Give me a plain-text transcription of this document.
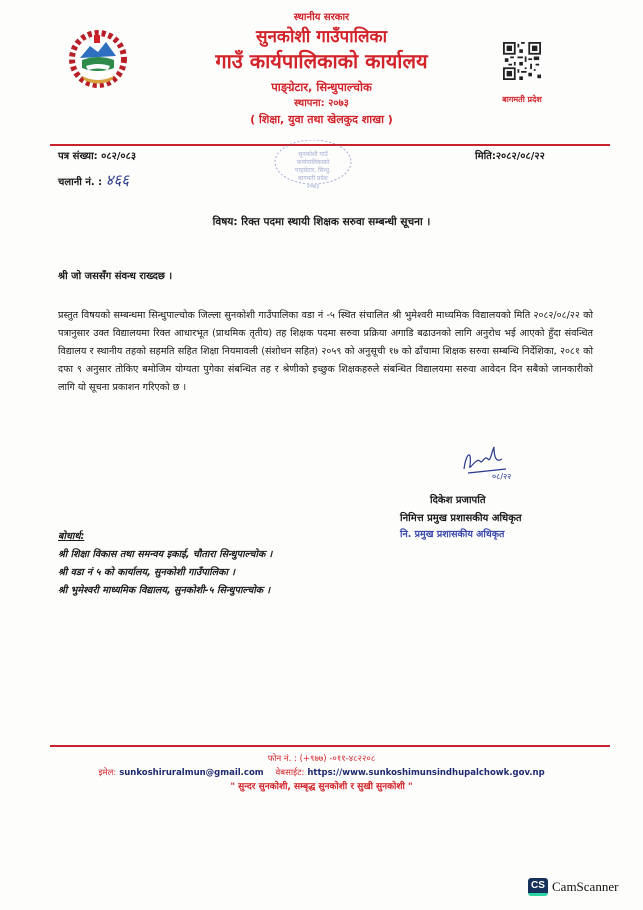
स्थानीय सरकार
सुनकोशी गाउँपालिका
गाउँ कार्यपालिकाको कार्यालय
पाङ्ग्रेटार, सिन्धुपाल्चोक
स्थापना: २०७३
( शिक्षा, युवा तथा खेलकुद शाखा )
बागमती प्रदेश
सुनकोशी गाउँ
कार्यपालिकाको
पाङ्ग्रेटार, सिन्धु.
बागमती प्रदेश
२०७३
पत्र संख्या: ०८२/०८३
चलानी नं. : ४६६
मिति:२०८२/०८/२२
विषय: रिक्त पदमा स्थायी शिक्षक सरुवा सम्बन्धी सूचना ।
श्री जो जससँग संवन्ध राख्दछ ।
प्रस्तुत विषयको सम्बन्धमा सिन्धुपाल्चोक जिल्ला सुनकोशी गाउँपालिका वडा नं -५ स्थित संचालित श्री भुमेश्वरी माध्यमिक विद्यालयको मिति २०८२/०८/२२ को पत्रानुसार उक्त विद्यालयमा रिक्त आधारभूत (प्राथमिक तृतीय) तह शिक्षक पदमा सरुवा प्रक्रिया अगाडि बढाउनको लागि अनुरोध भई आएको हुँदा संवन्धित विद्यालय र स्थानीय तहको सहमति सहित शिक्षा नियमावली (संशोधन सहित) २०५९ को अनुसूची १७ को ढाँचामा शिक्षक सरुवा सम्बन्धि निर्देशिका, २०८१ को दफा ९ अनुसार तोकिए बमोजिम योग्यता पुगेका संबन्धित तह र श्रेणीको इच्छुक शिक्षकहरुले संबन्धित विद्यालयमा सरुवा आवेदन दिन सबैको जानकारीको लागि यो सूचना प्रकाशन गरिएको छ ।
०८/२२
दिकेश प्रजापति
निमित्त प्रमुख प्रशासकीय अधिकृत
नि. प्रमुख प्रशासकीय अधिकृत
बोधार्थ:
श्री शिक्षा विकास तथा समन्वय इकाई, चौतारा सिन्धुपाल्चोक ।
श्री वडा नं ५ को कार्यालय, सुनकोशी गाउँपालिका ।
श्री भुमेश्वरी माध्यमिक विद्यालय, सुनकोशी-५ सिन्धुपाल्चोक ।
फोन नं. : (+९७७) -०११-४८२२०८
इमेल: sunkoshiruralmun@gmail.com वेबसाईट: https://www.sunkoshimunsindhupalchowk.gov.np
" सुन्दर सुनकोशी, सम्बृद्ध सुनकोशी र सुखी सुनकोशी "
CS CamScanner
